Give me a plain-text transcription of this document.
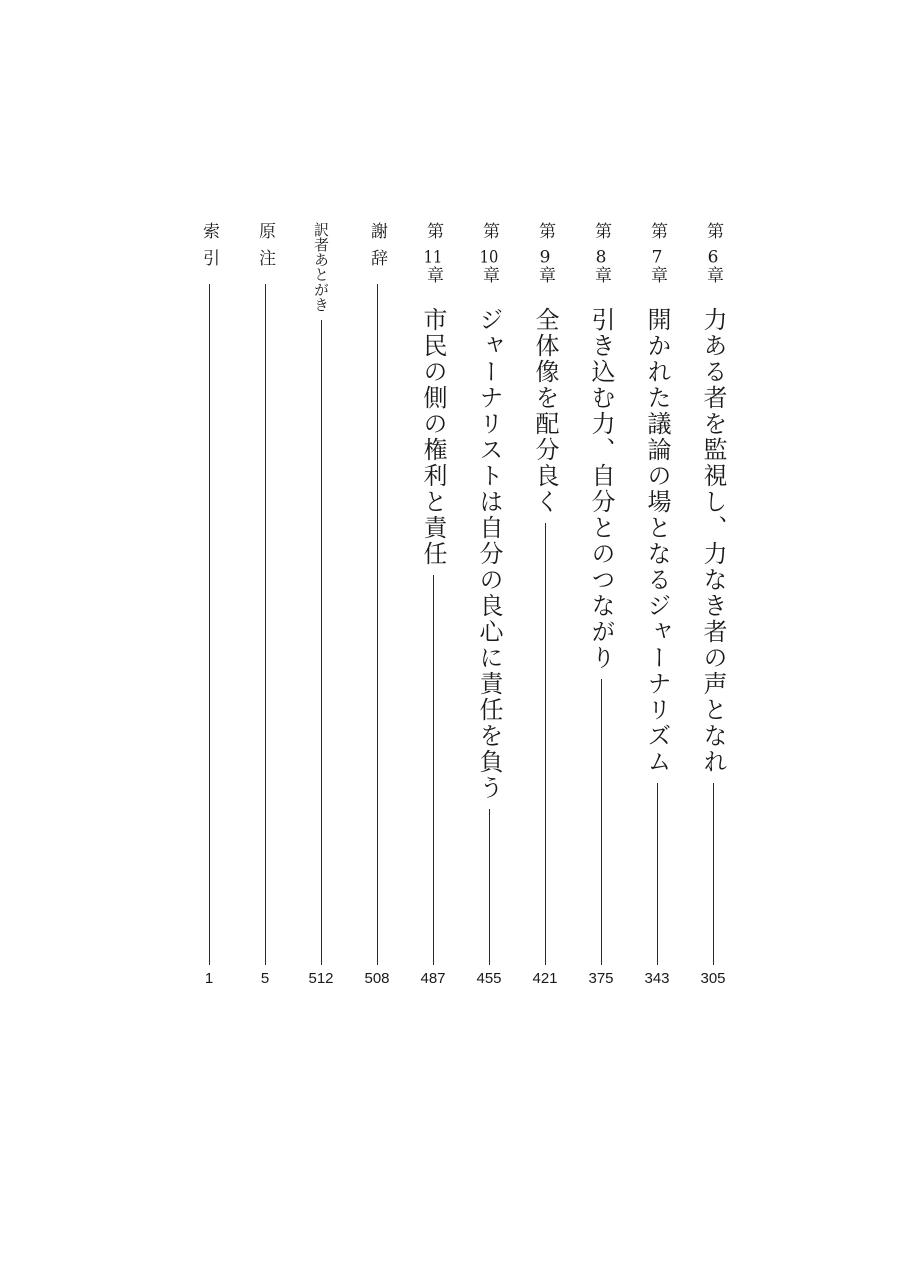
第6章
力ある者を監視し、力なき者の声となれ
305
第7章
開かれた議論の場となるジャーナリズム
343
第8章
引き込む力、自分とのつながり
375
第9章
全体像を配分良く
421
第10章
ジャーナリストは自分の良心に責任を負う
455
第11章
市民の側の権利と責任
487
謝辞
508
訳者あとがき
512
原注
5
索引
1
